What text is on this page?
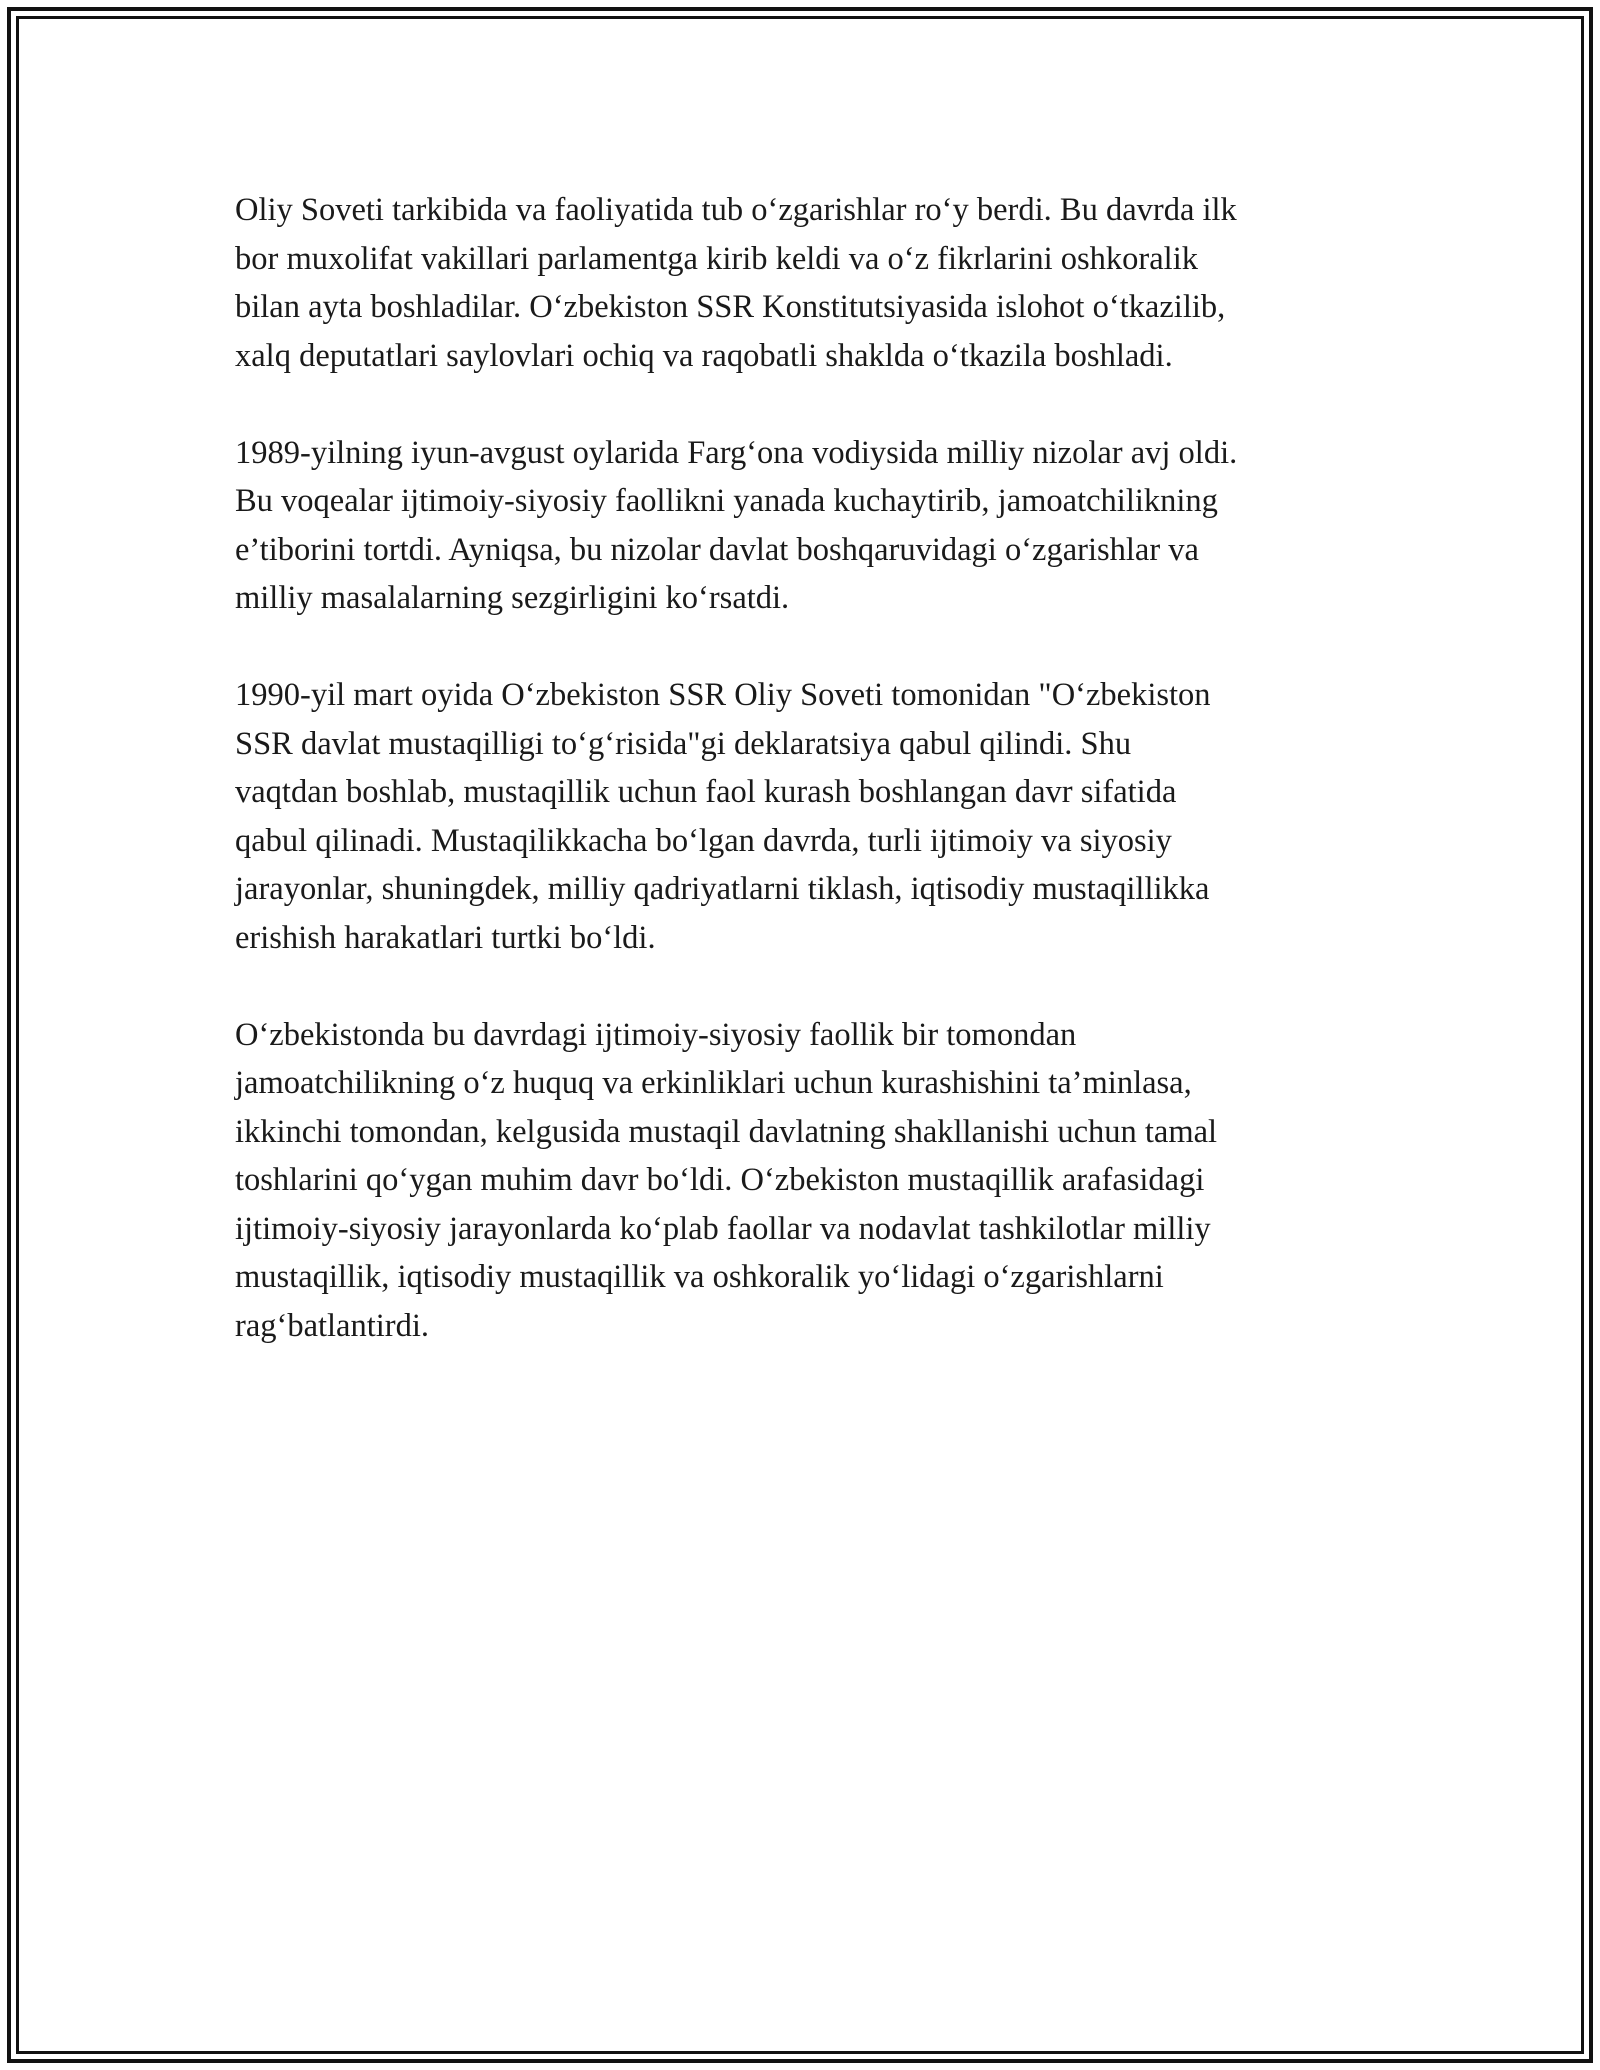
Oliy Soveti tarkibida va faoliyatida tub o‘zgarishlar ro‘y berdi. Bu davrda ilk
bor muxolifat vakillari parlamentga kirib keldi va o‘z fikrlarini oshkoralik
bilan ayta boshladilar. O‘zbekiston SSR Konstitutsiyasida islohot o‘tkazilib,
xalq deputatlari saylovlari ochiq va raqobatli shaklda o‘tkazila boshladi.

1989-yilning iyun-avgust oylarida Farg‘ona vodiysida milliy nizolar avj oldi.
Bu voqealar ijtimoiy-siyosiy faollikni yanada kuchaytirib, jamoatchilikning
e’tiborini tortdi. Ayniqsa, bu nizolar davlat boshqaruvidagi o‘zgarishlar va
milliy masalalarning sezgirligini ko‘rsatdi.

1990-yil mart oyida O‘zbekiston SSR Oliy Soveti tomonidan "O‘zbekiston
SSR davlat mustaqilligi to‘g‘risida"gi deklaratsiya qabul qilindi. Shu
vaqtdan boshlab, mustaqillik uchun faol kurash boshlangan davr sifatida
qabul qilinadi. Mustaqilikkacha bo‘lgan davrda, turli ijtimoiy va siyosiy
jarayonlar, shuningdek, milliy qadriyatlarni tiklash, iqtisodiy mustaqillikka
erishish harakatlari turtki bo‘ldi.

O‘zbekistonda bu davrdagi ijtimoiy-siyosiy faollik bir tomondan
jamoatchilikning o‘z huquq va erkinliklari uchun kurashishini ta’minlasa,
ikkinchi tomondan, kelgusida mustaqil davlatning shakllanishi uchun tamal
toshlarini qo‘ygan muhim davr bo‘ldi. O‘zbekiston mustaqillik arafasidagi
ijtimoiy-siyosiy jarayonlarda ko‘plab faollar va nodavlat tashkilotlar milliy
mustaqillik, iqtisodiy mustaqillik va oshkoralik yo‘lidagi o‘zgarishlarni
rag‘batlantirdi.
